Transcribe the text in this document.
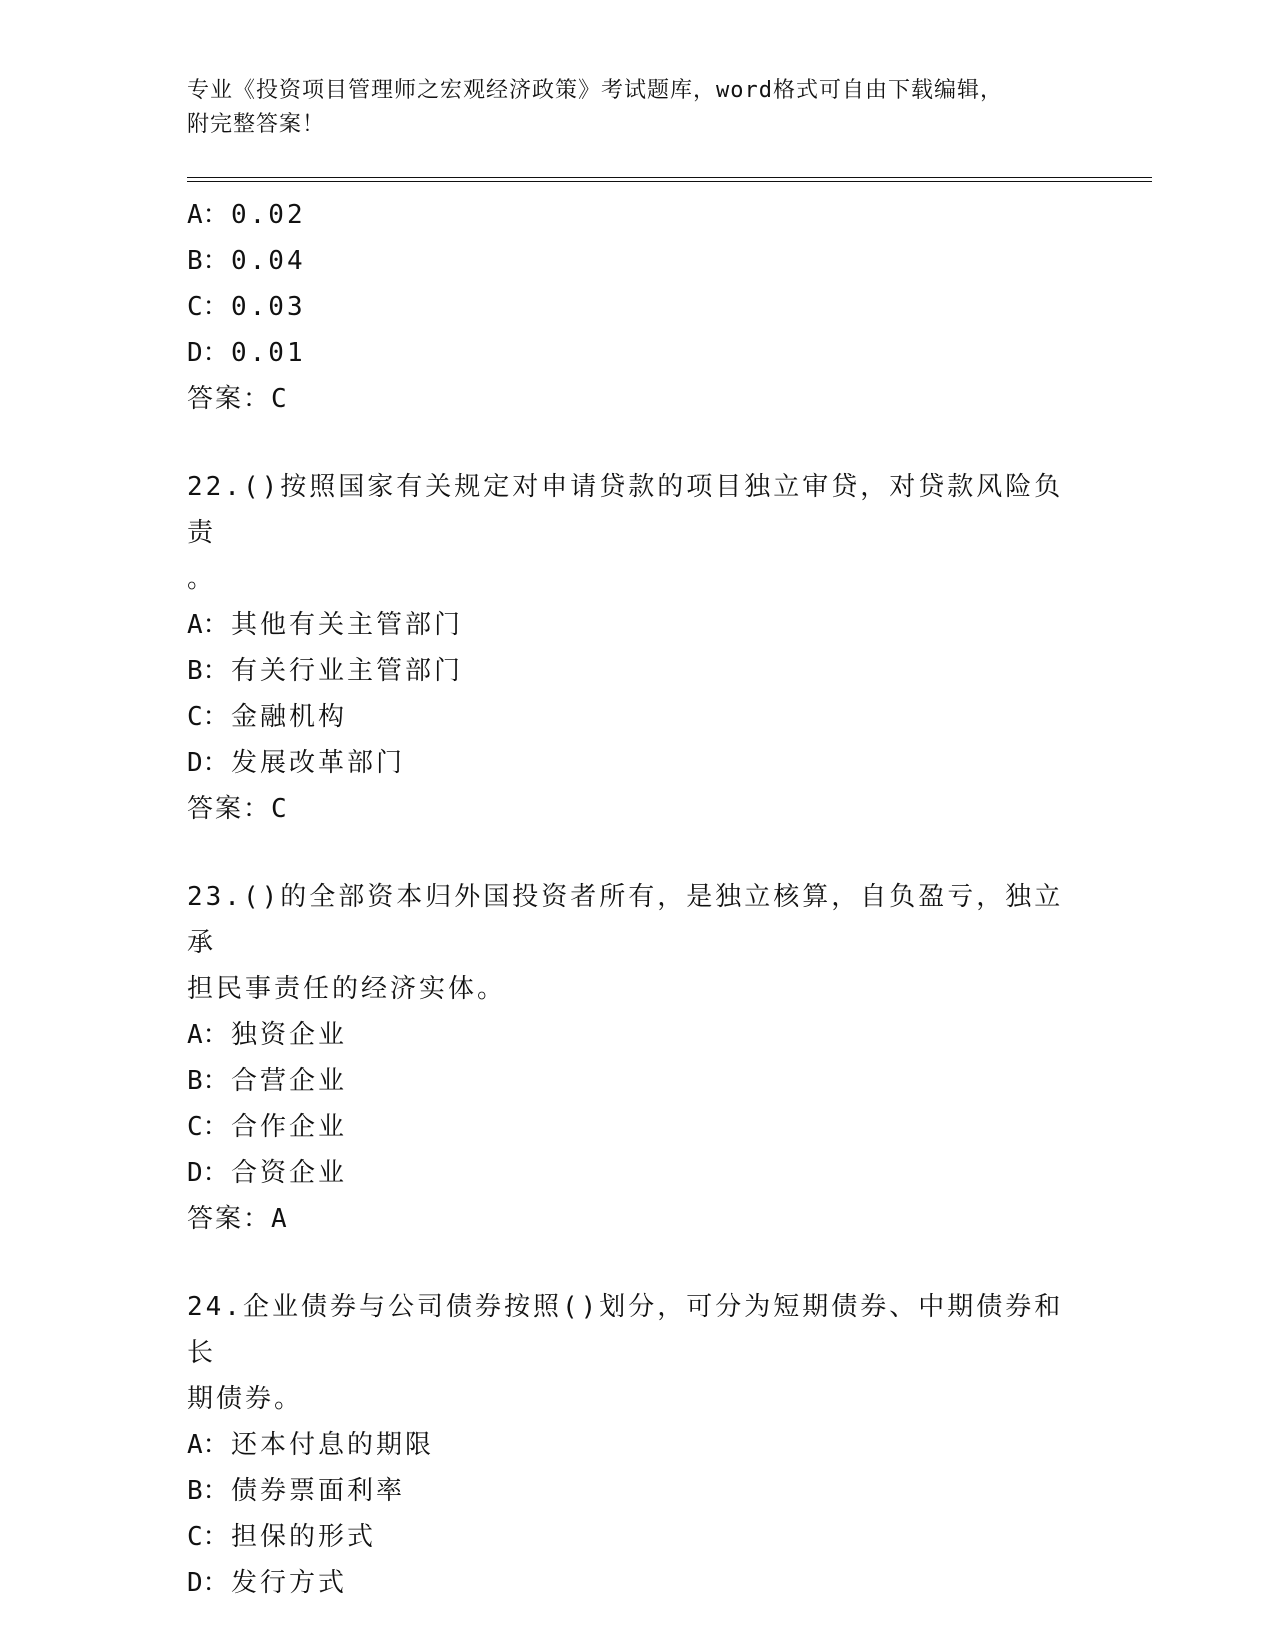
专业《投资项目管理师之宏观经济政策》考试题库，word格式可自由下载编辑，
附完整答案！
A：0.02
B：0.04
C：0.03
D：0.01
答案：C
22.()按照国家有关规定对申请贷款的项目独立审贷，对贷款风险负责
。
A：其他有关主管部门
B：有关行业主管部门
C：金融机构
D：发展改革部门
答案：C
23.()的全部资本归外国投资者所有，是独立核算，自负盈亏，独立承
担民事责任的经济实体。
A：独资企业
B：合营企业
C：合作企业
D：合资企业
答案：A
24.企业债券与公司债券按照()划分，可分为短期债券、中期债券和长
期债券。
A：还本付息的期限
B：债券票面利率
C：担保的形式
D：发行方式
